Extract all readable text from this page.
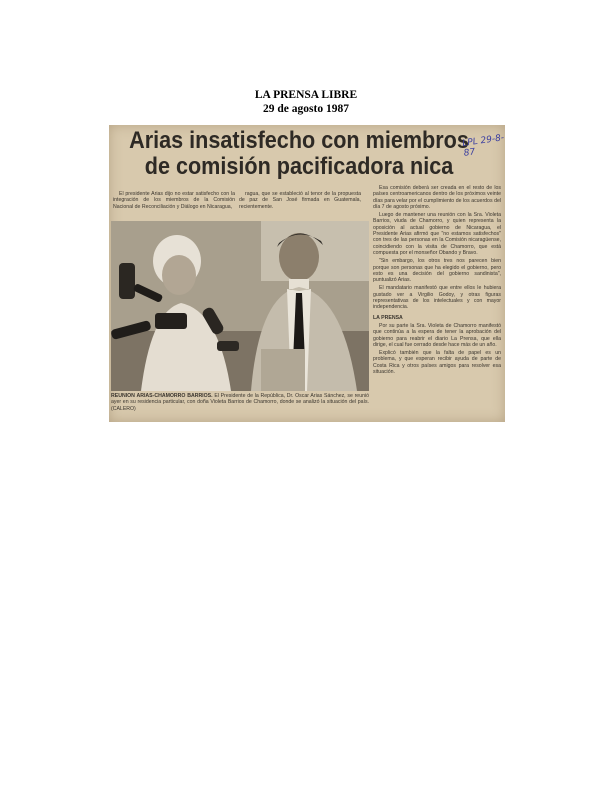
LA PRENSA LIBRE
29 de agosto 1987
Arias insatisfecho con miembros
de comisión pacificadora nica
LPL 29-8-87

El presidente Arias dijo no estar satisfecho con la integración de los miembros de la Comisión Nacional de Reconciliación y Diálogo en Nicaragua,

ragua, que se estableció al tenor de la propuesta de paz de San José firmada en Guatemala, recientemente.

REUNION ARIAS-CHAMORRO BARRIOS. El Presidente de la República, Dr. Oscar Arias Sánchez, se reunió ayer en su residencia particular, con doña Violeta Barrios de Chamorro, donde se analizó la situación del país. (CALERO)

Esa comisión deberá ser creada en el resto de los países centroamericanos dentro de los próximos veinte días para velar por el cumplimiento de los acuerdos del día 7 de agosto próximo.

Luego de mantener una reunión con la Sra. Violeta Barrios, viuda de Chamorro, y quien representa la oposición al actual gobierno de Nicaragua, el Presidente Arias afirmó que "no estamos satisfechos" con tres de las personas en la Comisión nicaragüense, coincidiendo con la visita de Chamorro, que está compuesta por el monseñor Obando y Bravo.

"Sin embargo, los otros tres nos parecen bien porque son personas que ha elegido el gobierno, pero esto es una decisión del gobierno sandinista", puntualizó Arias.

El mandatario manifestó que entre ellos le hubiera gustado ver a Virgilio Godoy, y otras figuras representativas de los intelectuales y con mayor independencia.

LA PRENSA

Por su parte la Sra. Violeta de Chamorro manifestó que continúa a la espera de tener la aprobación del gobierno para reabrir el diario La Prensa, que ella dirige, el cual fue cerrado desde hace más de un año.

Explicó también que la falta de papel es un problema, y que esperan recibir ayuda de parte de Costa Rica y otros países amigos para resolver esa situación.
